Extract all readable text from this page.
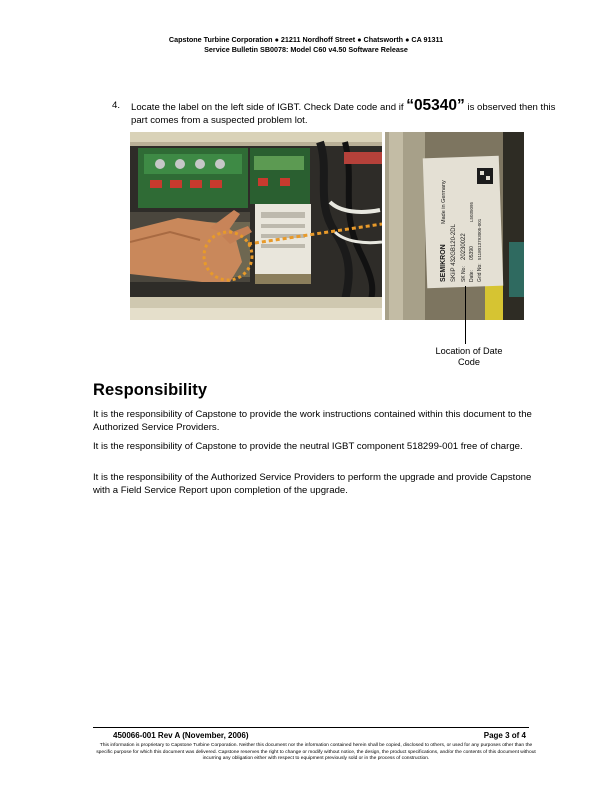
Capstone Turbine Corporation ● 21211 Nordhoff Street ● Chatsworth ● CA 91311
Service Bulletin SB0078: Model C60 v4.50 Software Release
4. Locate the label on the left side of IGBT. Check Date code and if “05340” is observed then this part comes from a suspected problem lot.
SEMIKRON
Made in Germany
SKiiP 432GB120-2DL SK No:
20230022
Date:
05390
L5035095
Grid No:
5118013793005-001
Location of Date
Code
Responsibility
It is the responsibility of Capstone to provide the work instructions contained within this document to the Authorized Service Providers.
It is the responsibility of Capstone to provide the neutral IGBT component 518299-001 free of charge.
It is the responsibility of the Authorized Service Providers to perform the upgrade and provide Capstone with a Field Service Report upon completion of the upgrade.
450066-001 Rev A (November, 2006)	Page 3 of 4
This information is proprietary to Capstone Turbine Corporation. Neither this document nor the information contained herein shall be copied, disclosed to others, or used for any purposes other than the specific purpose for which this document was delivered. Capstone reserves the right to change or modify without notice, the design, the product specifications, and/or the contents of this document without incurring any obligation either with respect to equipment previously sold or in the process of construction.
